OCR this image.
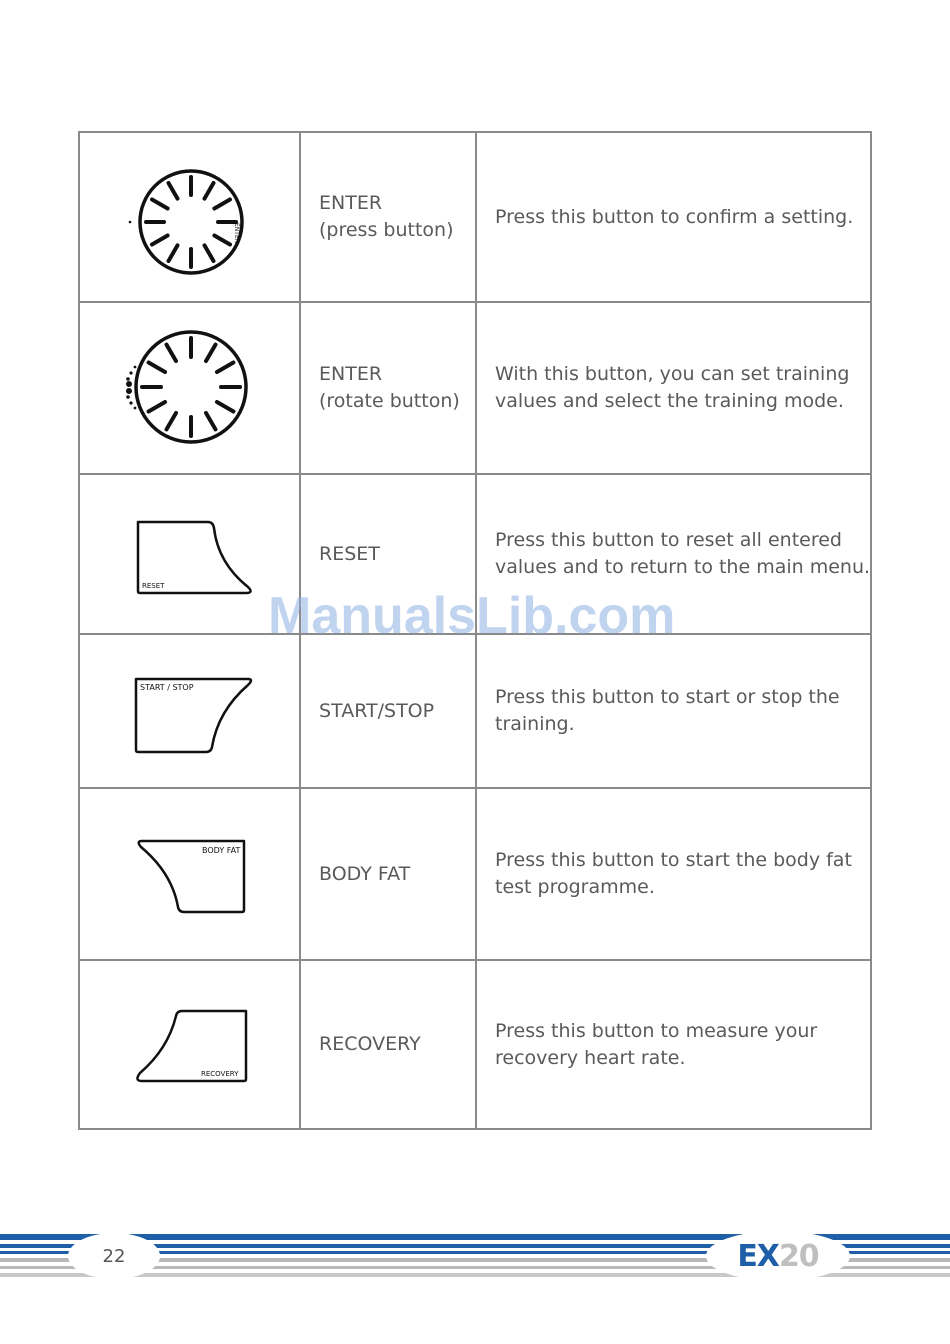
ENTER
ENTER
(press button)
Press this button to confirm a setting.
ENTER
(rotate button)
With this button, you can set training
values and select the training mode.
RESET
RESET
Press this button to reset all entered
values and to return to the main menu.
START / STOP
START/STOP
Press this button to start or stop the
training.
BODY FAT
BODY FAT
Press this button to start the body fat
test programme.
RECOVERY
RECOVERY
Press this button to measure your
recovery heart rate.
ManualsLib.com
22	EX20
